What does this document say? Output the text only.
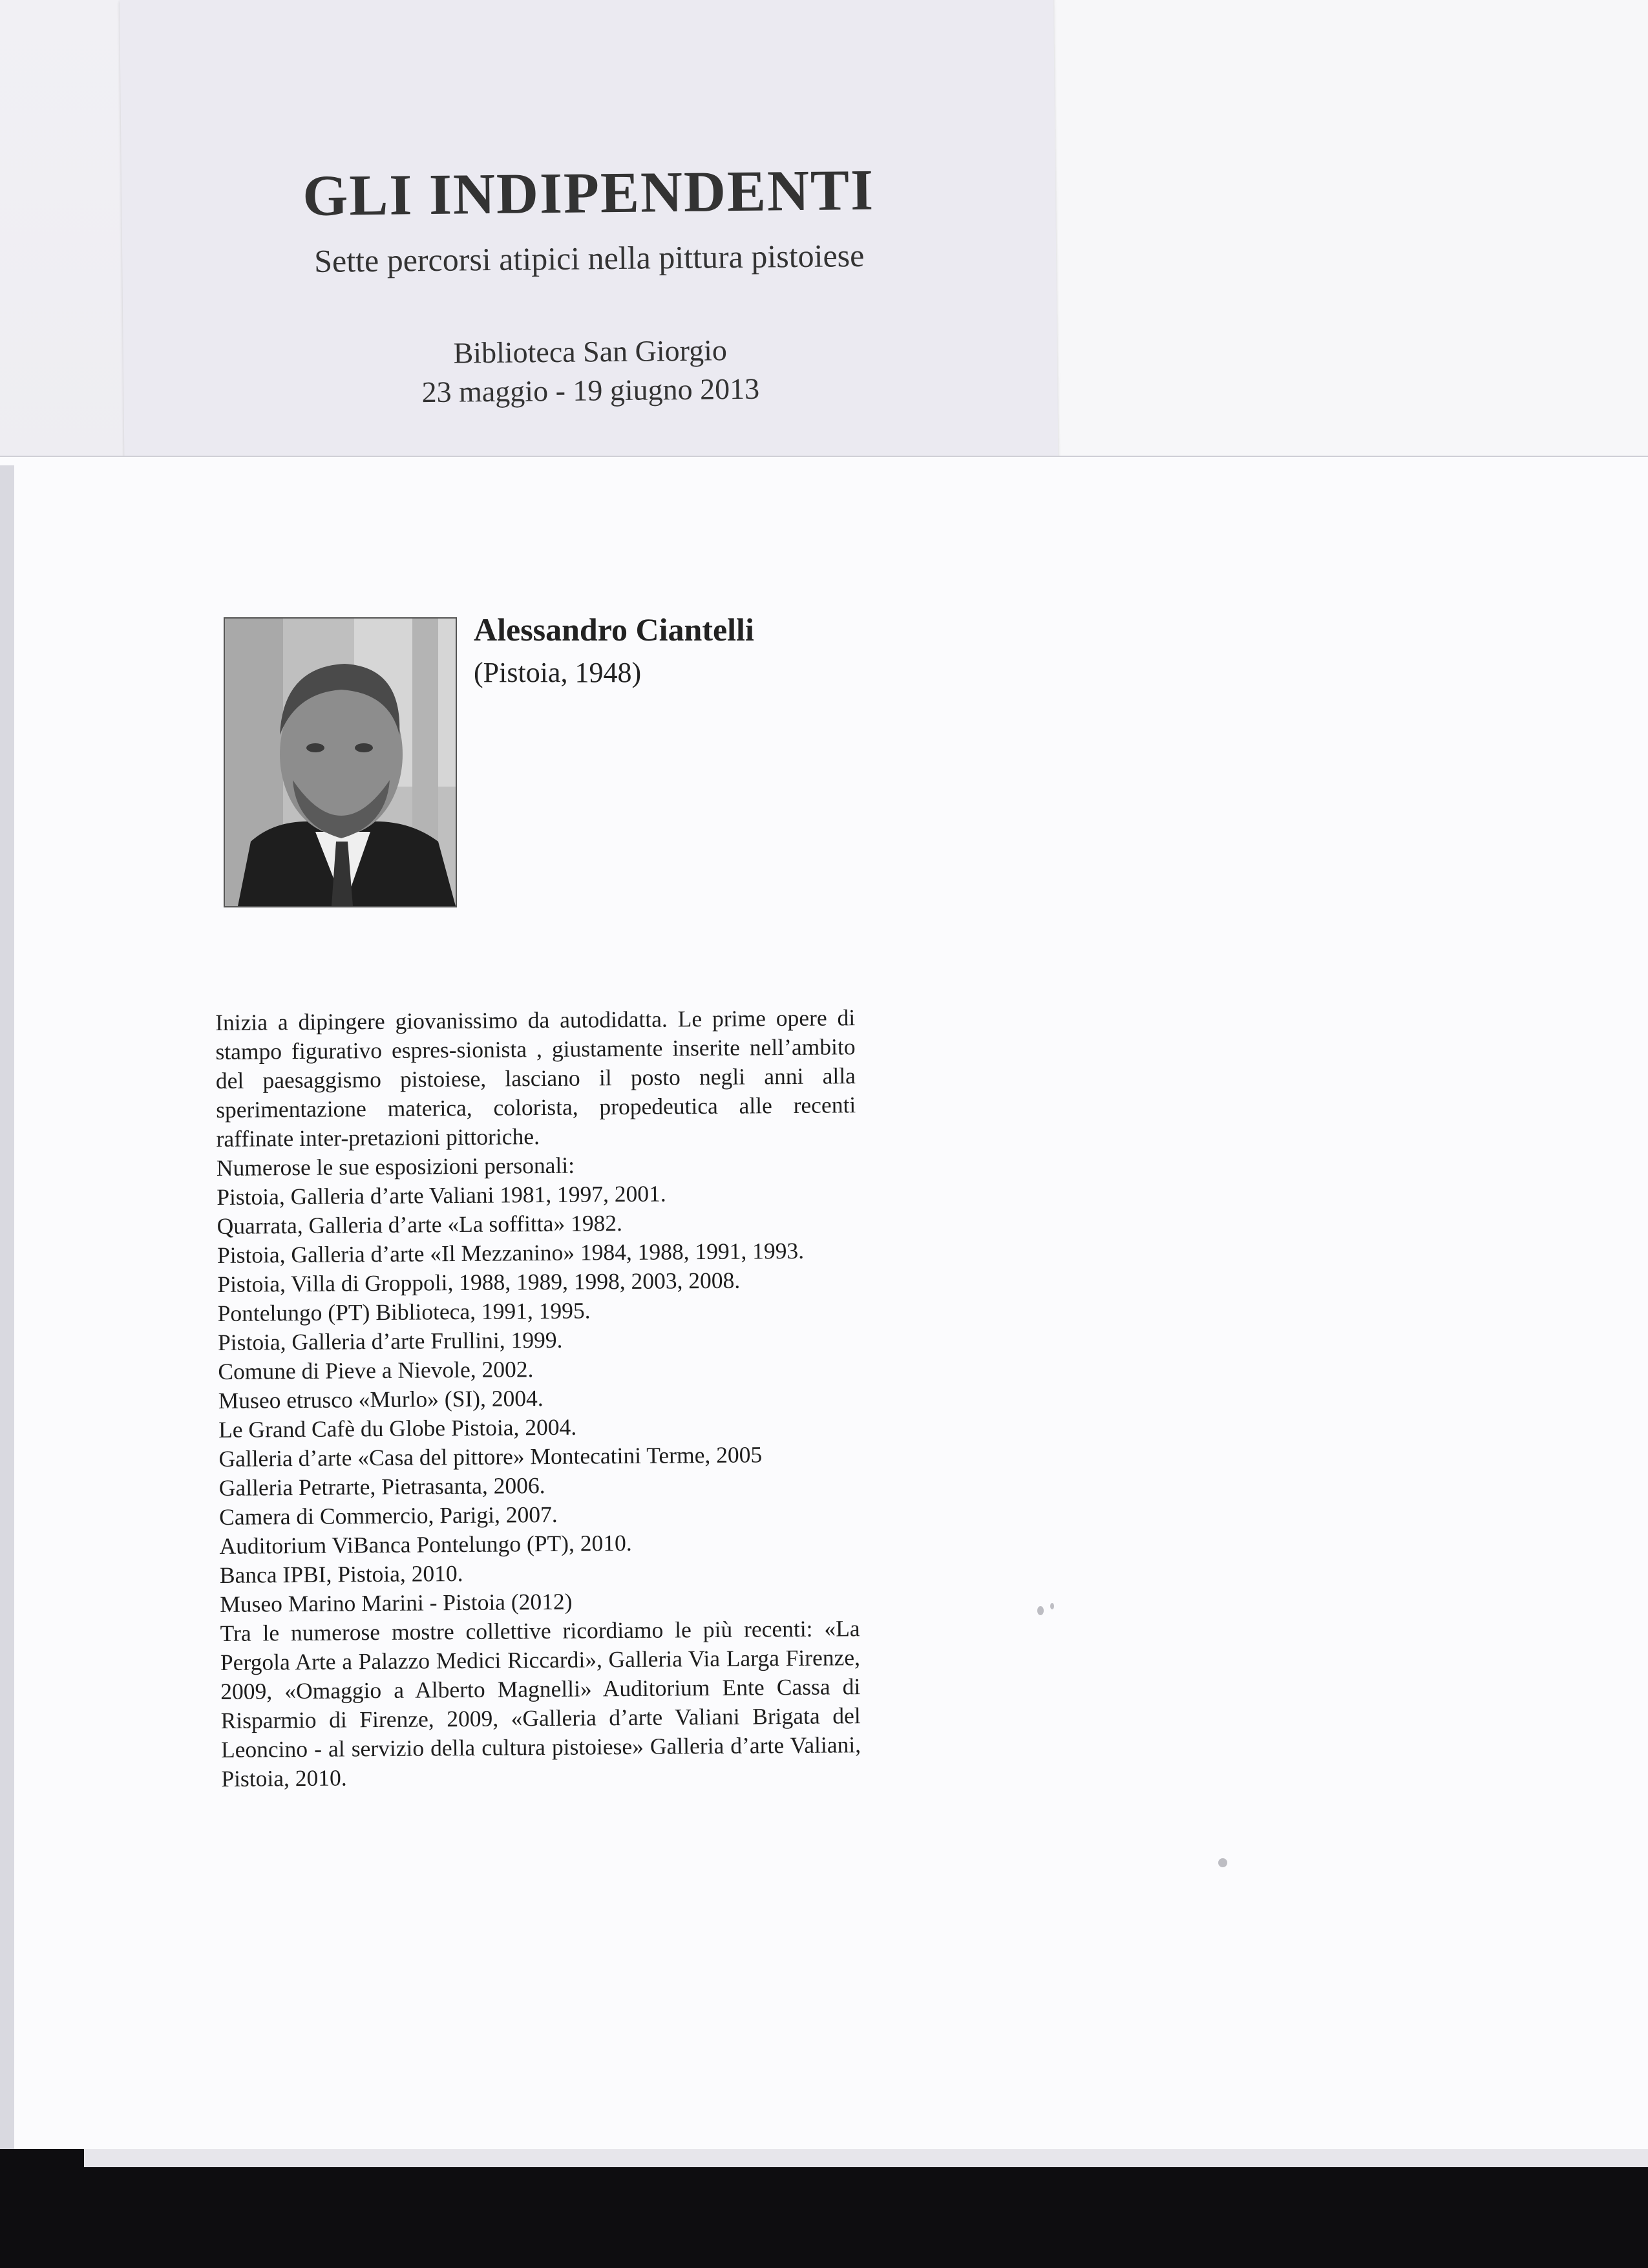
GLI INDIPENDENTI

Sette percorsi atipici nella pittura pistoiese

Biblioteca San Giorgio

23 maggio - 19 giugno 2013

Alessandro Ciantelli

(Pistoia, 1948)

Inizia a dipingere giovanissimo da autodidatta. Le prime opere di stampo figurativo espres-sionista , giustamente inserite nell’ambito del paesaggismo pistoiese, lasciano il posto negli anni alla sperimentazione materica, colorista, propedeutica alle recenti raffinate inter-pretazioni pittoriche.

Numerose le sue esposizioni personali:

Pistoia, Galleria d’arte Valiani 1981, 1997, 2001.

Quarrata, Galleria d’arte «La soffitta» 1982.

Pistoia, Galleria d’arte «Il Mezzanino» 1984, 1988, 1991, 1993.

Pistoia, Villa di Groppoli, 1988, 1989, 1998, 2003, 2008.

Pontelungo (PT) Biblioteca, 1991, 1995.

Pistoia, Galleria d’arte Frullini, 1999.

Comune di Pieve a Nievole, 2002.

Museo etrusco «Murlo» (SI), 2004.

Le Grand Cafè du Globe Pistoia, 2004.

Galleria d’arte «Casa del pittore» Montecatini Terme, 2005

Galleria Petrarte, Pietrasanta, 2006.

Camera di Commercio, Parigi, 2007.

Auditorium ViBanca Pontelungo (PT), 2010.

Banca IPBI, Pistoia, 2010.

Museo Marino Marini - Pistoia (2012)

Tra le numerose mostre collettive ricordiamo le più recenti: «La Pergola Arte a Palazzo Medici Riccardi», Galleria Via Larga Firenze, 2009, «Omaggio a Alberto Magnelli» Auditorium Ente Cassa di Risparmio di Firenze, 2009, «Galleria d’arte Valiani Brigata del Leoncino - al servizio della cultura pistoiese» Galleria d’arte Valiani, Pistoia, 2010.
